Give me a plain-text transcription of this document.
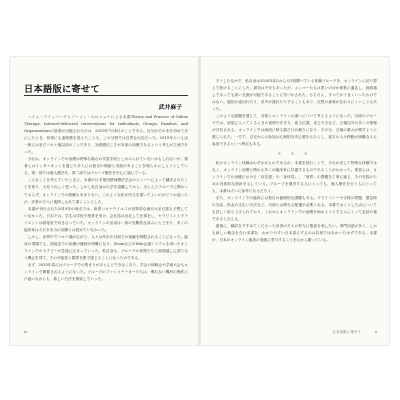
日本語版に寄せて
武井麻子

ハイム・ワインバーグとアーノン・ロロニュナによる本書Theory and Practice of Online Therapy: Internet-delivered Interventions for Individuals, Groups, Families, and Organizationsの原著が出版されたのは、2019年7月4日のことである。自分がその本を初めて手にしたとき、何事にも違和感を覚えたことも、この分野では自然な反応だった。2019年といえば一般にはまだコロナ禍以前のことであり、対面療法こそが本来の治療であるという考えが主流であった。

今なお、オンラインでの治療は特殊な場合の代替手段としかみられていないかもしれないが、著者らはインターネットを通じた介入には独自の理論と実践があることを明らかにしようとしている。第一部では個人療法を、第二部ではグループ療法を中心に論じている。

こんなことを考えていたときに、本書が日本集団精神療法学会のメンバーによって翻訳されたことを知り、大変うれしく思った。しかし私自身は大学を退職してから、ほとんどグループに関わっておらず、オンラインでの経験もあまりない。このような私が序文を書いてよいのかどうか迷ったが、訳者の方々に後押しされて書くことにした。

本書が刊行された2019年の時点では、新型コロナウイルスの世界的な流行はまだ誰も予想していなかった。日本では、学生は学校で授業を受け、会社員は出社して仕事をし、セラピストとクライエントは面接室で向き合っていた。オンラインの活用は一部の先駆的な試みにとどまり、多くの臨床家はそれを本当の治療とは認めていなかった。

しかし、世界中でコロナ禍が広がり、人々は外出や対面での接触を制限されることになった。臨床の現場でも、面接室での治療の継続が困難になり、ZoomなどのWeb会議システムを用いたオンラインでのセラピーが急速に広まっていった。私自身も、グループの仲間たちと画面越しに語り合う機会を得て、その可能性と限界を肌で感じることになったのである。

まず、2020年春にはグループでの集まりがほとんどできなくなり、学会の研修会や学術大会もオンラインで開催されるようになった。グループのファシリテーターたちは、慣れない機材の操作に戸惑いながらも、新しい方法を模索していった。

ix

そうしたなかで、私自身は2020年4月から月1回開いている体験グループを、オンラインに切り替えて続けることにした。最初は不安もあったが、メンバーたちは思いのほか柔軟に適応し、画面越しであっても深い交流が可能であることに気づかされた。もちろん、すべてがうまくいったわけではない。通信が途切れたり、音声が遅れたりすることもあり、沈黙の意味が伝わりにくいこともあった。

このような経験を通じて、対面とオンラインの違いについて考えるようになった。対面のグループでは、部屋に入ってくるときの表情や歩き方、座る位置、身じろぎなど、言葉以外の多くの情報が共有される。オンラインでは画面に映る顔だけが頼りになり、その分、言葉の重みが増すように感じられた。一方で、自宅からの参加は心理的な安心感をもたらし、遠方の人や移動が困難な人も参加できるという利点もある。

＊ ＊ ＊

私のオンライン体験はわずかなものであるが、本書を読むことで、それが決して特殊な体験ではなく、オンライン治療に関わる多くの臨床家に共通するものであることがわかった。著者らは、オンラインでの治療における「存在感」や「身体性」、「境界」の問題を丁寧に論じ、その実践のための具体的な指針を示している。グループを運営する人にとっても、個人療法を行う人にとっても、本書は大いに参考になるだろう。

また、オンラインでの臨床には独自の倫理的な課題もある。プライバシーや守秘の問題、緊急時の対応、料金の支払い方法など、対面とは異なる配慮が必要となる。本書ではこうした点についても詳しく取り上げられており、これからオンラインでの治療を始めようとする人にとって必読の書であると言える。

最後に、翻訳をすすめてくださった訳者の方々の努力に敬意を表したい。専門用語が多く、しかも新しい概念を含む本書を、わかりやすい日本語にするのは容易ではなかったはずである。本書が、日本のオンライン臨床の発展に寄与することを心から願っている。

日本語版に寄せて	x
